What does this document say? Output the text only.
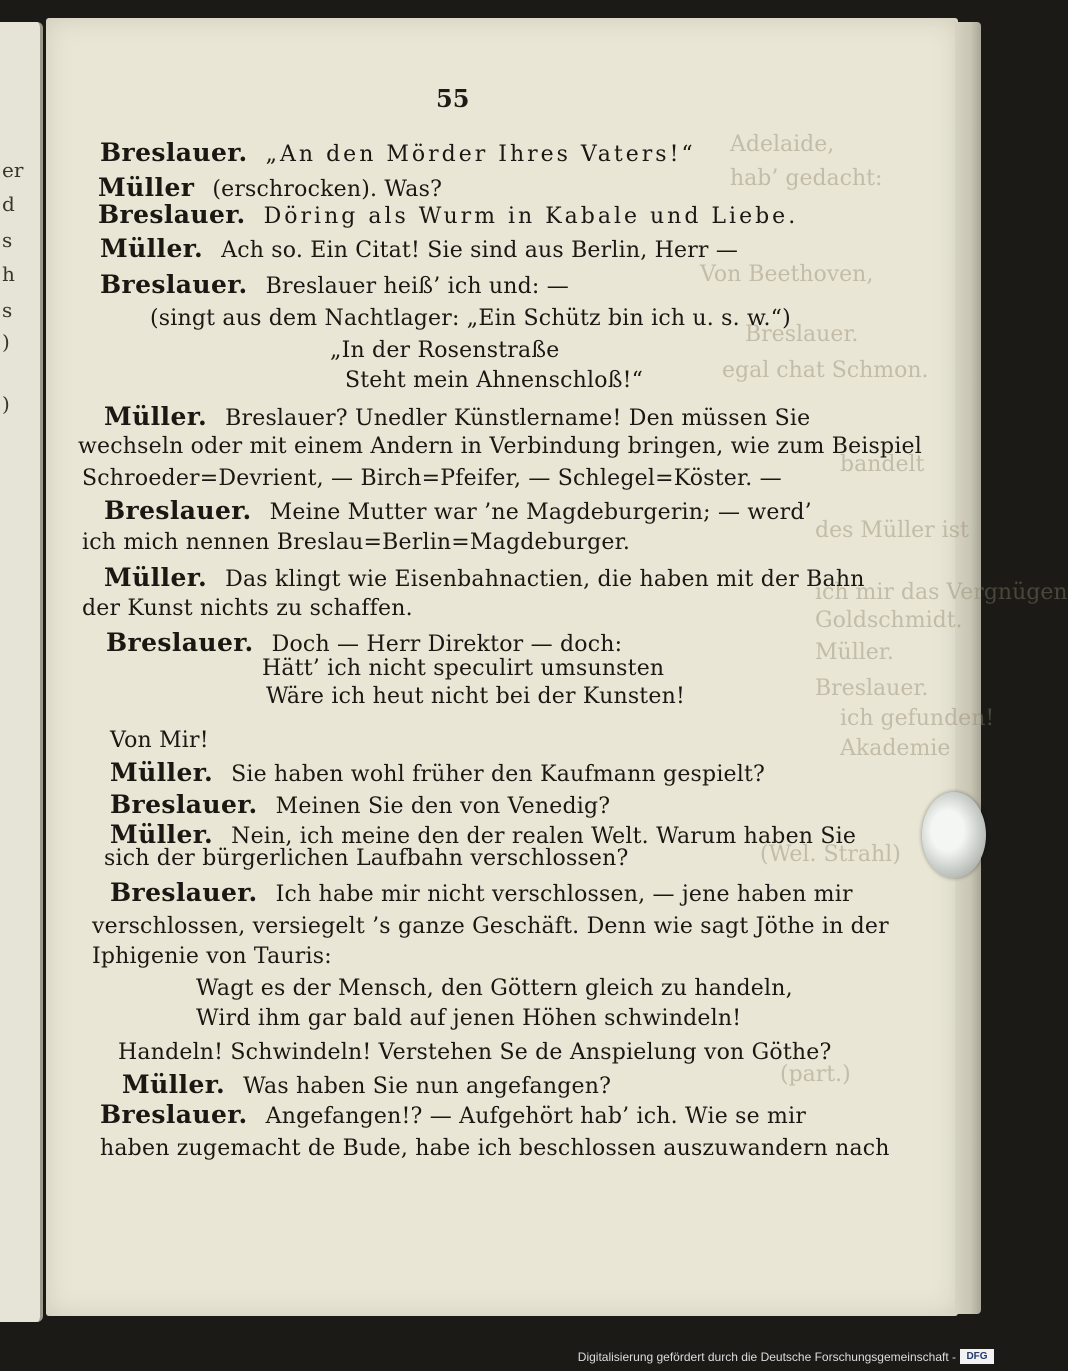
er
d
s
h
s
)
)
Adelaide,
hab’ gedacht:
Von Beethoven,
Breslauer.
egal chat Schmon.
bandelt
des Müller ist
ich mir das Vergnügen
Goldschmidt.
Müller.
Breslauer.
ich gefunden!
Akademie
(Wel. Strahl)
(part.)
55
Breslauer. „An den Mörder Ihres Vaters!“
Müller (erschrocken). Was?
Breslauer. Döring als Wurm in Kabale und Liebe.
Müller. Ach so. Ein Citat! Sie sind aus Berlin, Herr —
Breslauer. Breslauer heiß’ ich und: —
(singt aus dem Nachtlager: „Ein Schütz bin ich u. s. w.“)
„In der Rosenstraße
Steht mein Ahnenschloß!“
Müller. Breslauer? Unedler Künstlername! Den müssen Sie
wechseln oder mit einem Andern in Verbindung bringen, wie zum Beispiel
Schroeder=Devrient, — Birch=Pfeifer, — Schlegel=Köster. —
Breslauer. Meine Mutter war ’ne Magdeburgerin; — werd’
ich mich nennen Breslau=Berlin=Magdeburger.
Müller. Das klingt wie Eisenbahnactien, die haben mit der Bahn
der Kunst nichts zu schaffen.
Breslauer. Doch — Herr Direktor — doch:
Hätt’ ich nicht speculirt umsunsten
Wäre ich heut nicht bei der Kunsten!
Von Mir!
Müller. Sie haben wohl früher den Kaufmann gespielt?
Breslauer. Meinen Sie den von Venedig?
Müller. Nein, ich meine den der realen Welt. Warum haben Sie
sich der bürgerlichen Laufbahn verschlossen?
Breslauer. Ich habe mir nicht verschlossen, — jene haben mir
verschlossen, versiegelt ’s ganze Geschäft. Denn wie sagt Jöthe in der
Iphigenie von Tauris:
Wagt es der Mensch, den Göttern gleich zu handeln,
Wird ihm gar bald auf jenen Höhen schwindeln!
Handeln! Schwindeln! Verstehen Se de Anspielung von Göthe?
Müller. Was haben Sie nun angefangen?
Breslauer. Angefangen!? — Aufgehört hab’ ich. Wie se mir
haben zugemacht de Bude, habe ich beschlossen auszuwandern nach
Digitalisierung gefördert durch die Deutsche Forschungsgemeinschaft -	DFG
